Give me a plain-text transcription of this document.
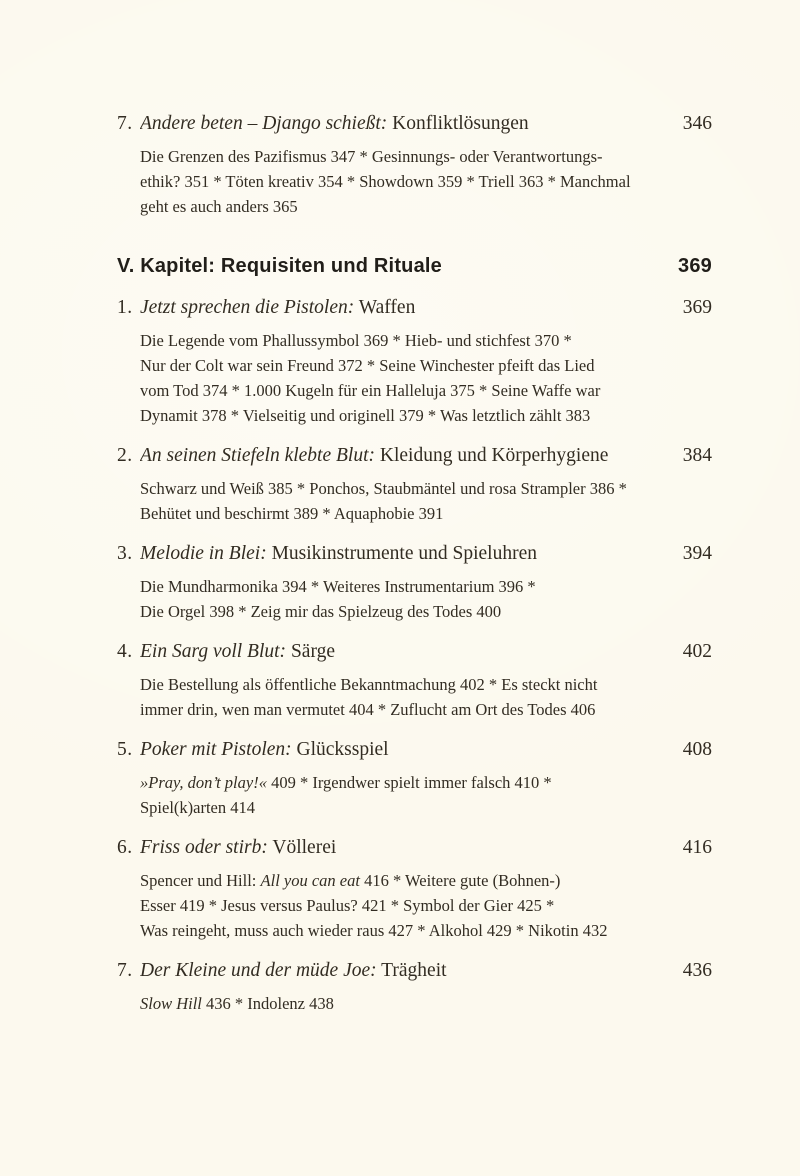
7. Andere beten – Django schießt: Konfliktlösungen	346
Die Grenzen des Pazifismus 347 * Gesinnungs- oder Verantwortungs-
ethik? 351 * Töten kreativ 354 * Showdown 359 * Triell 363 * Manchmal
geht es auch anders 365
V. Kapitel: Requisiten und Rituale	369
1. Jetzt sprechen die Pistolen: Waffen	369
Die Legende vom Phallussymbol 369 * Hieb- und stichfest 370 *
Nur der Colt war sein Freund 372 * Seine Winchester pfeift das Lied
vom Tod 374 * 1.000 Kugeln für ein Halleluja 375 * Seine Waffe war
Dynamit 378 * Vielseitig und originell 379 * Was letztlich zählt 383
2. An seinen Stiefeln klebte Blut: Kleidung und Körperhygiene	384
Schwarz und Weiß 385 * Ponchos, Staubmäntel und rosa Strampler 386 *
Behütet und beschirmt 389 * Aquaphobie 391
3. Melodie in Blei: Musikinstrumente und Spieluhren	394
Die Mundharmonika 394 * Weiteres Instrumentarium 396 *
Die Orgel 398 * Zeig mir das Spielzeug des Todes 400
4. Ein Sarg voll Blut: Särge	402
Die Bestellung als öffentliche Bekanntmachung 402 * Es steckt nicht
immer drin, wen man vermutet 404 * Zuflucht am Ort des Todes 406
5. Poker mit Pistolen: Glücksspiel	408
»Pray, don’t play!« 409 * Irgendwer spielt immer falsch 410 *
Spiel(k)arten 414
6. Friss oder stirb: Völlerei	416
Spencer und Hill: All you can eat 416 * Weitere gute (Bohnen-)
Esser 419 * Jesus versus Paulus? 421 * Symbol der Gier 425 *
Was reingeht, muss auch wieder raus 427 * Alkohol 429 * Nikotin 432
7. Der Kleine und der müde Joe: Trägheit	436
Slow Hill 436 * Indolenz 438
